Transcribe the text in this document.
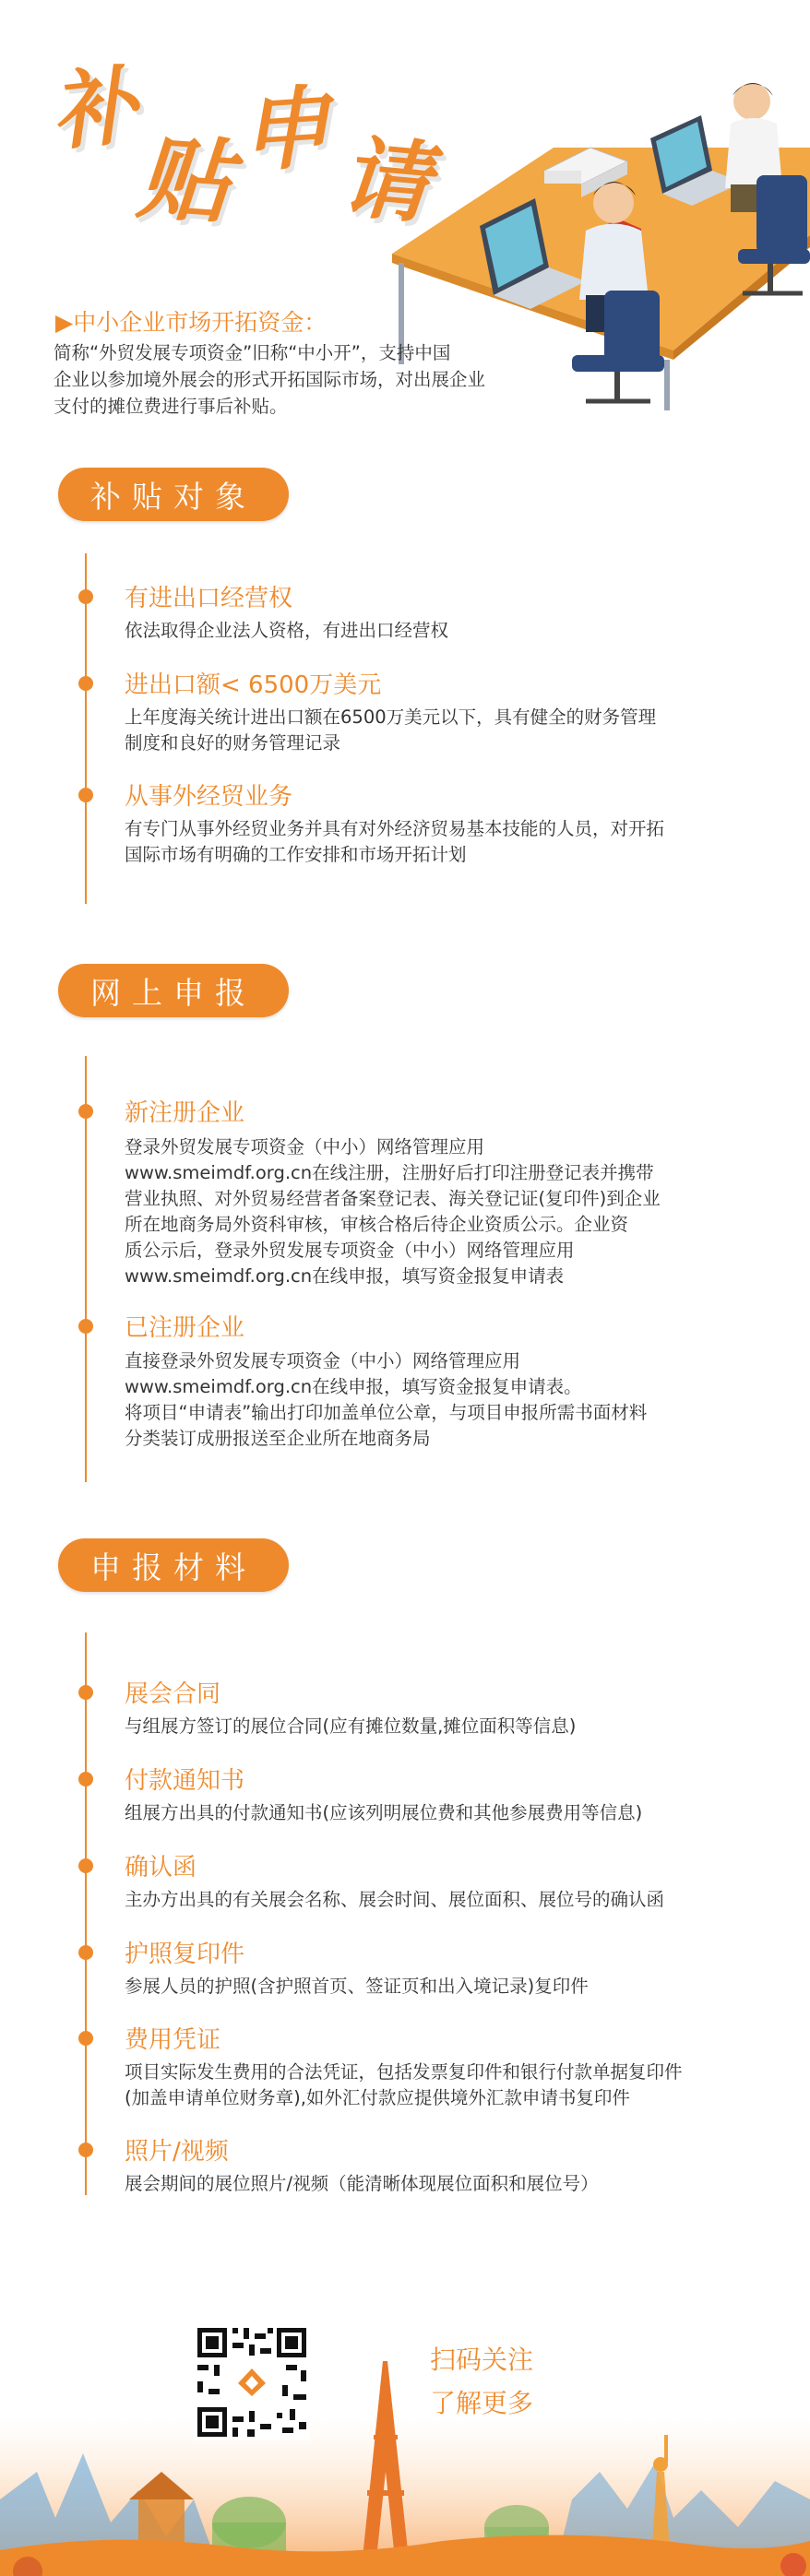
补
贴 申 请
▶中小企业市场开拓资金：
简称“外贸发展专项资金”旧称“中小开”，支持中国
企业以参加境外展会的形式开拓国际市场，对出展企业
支付的摊位费进行事后补贴。
补贴对象
有进出口经营权
依法取得企业法人资格，有进出口经营权
进出口额< 6500万美元
上年度海关统计进出口额在6500万美元以下，具有健全的财务管理
制度和良好的财务管理记录
从事外经贸业务
有专门从事外经贸业务并具有对外经济贸易基本技能的人员，对开拓
国际市场有明确的工作安排和市场开拓计划
网上申报
新注册企业
登录外贸发展专项资金（中小）网络管理应用
www.smeimdf.org.cn在线注册，注册好后打印注册登记表并携带
营业执照、对外贸易经营者备案登记表、海关登记证(复印件)到企业
所在地商务局外资科审核，审核合格后待企业资质公示。企业资
质公示后，登录外贸发展专项资金（中小）网络管理应用
www.smeimdf.org.cn在线申报，填写资金报复申请表
已注册企业
直接登录外贸发展专项资金（中小）网络管理应用
www.smeimdf.org.cn在线申报，填写资金报复申请表。
将项目“申请表”输出打印加盖单位公章，与项目申报所需书面材料
分类装订成册报送至企业所在地商务局
申报材料
展会合同
与组展方签订的展位合同(应有摊位数量,摊位面积等信息)
付款通知书
组展方出具的付款通知书(应该列明展位费和其他参展费用等信息)
确认函
主办方出具的有关展会名称、展会时间、展位面积、展位号的确认函
护照复印件
参展人员的护照(含护照首页、签证页和出入境记录)复印件
费用凭证
项目实际发生费用的合法凭证，包括发票复印件和银行付款单据复印件
(加盖申请单位财务章),如外汇付款应提供境外汇款申请书复印件
照片/视频
展会期间的展位照片/视频（能清晰体现展位面积和展位号）
扫码关注
了解更多
